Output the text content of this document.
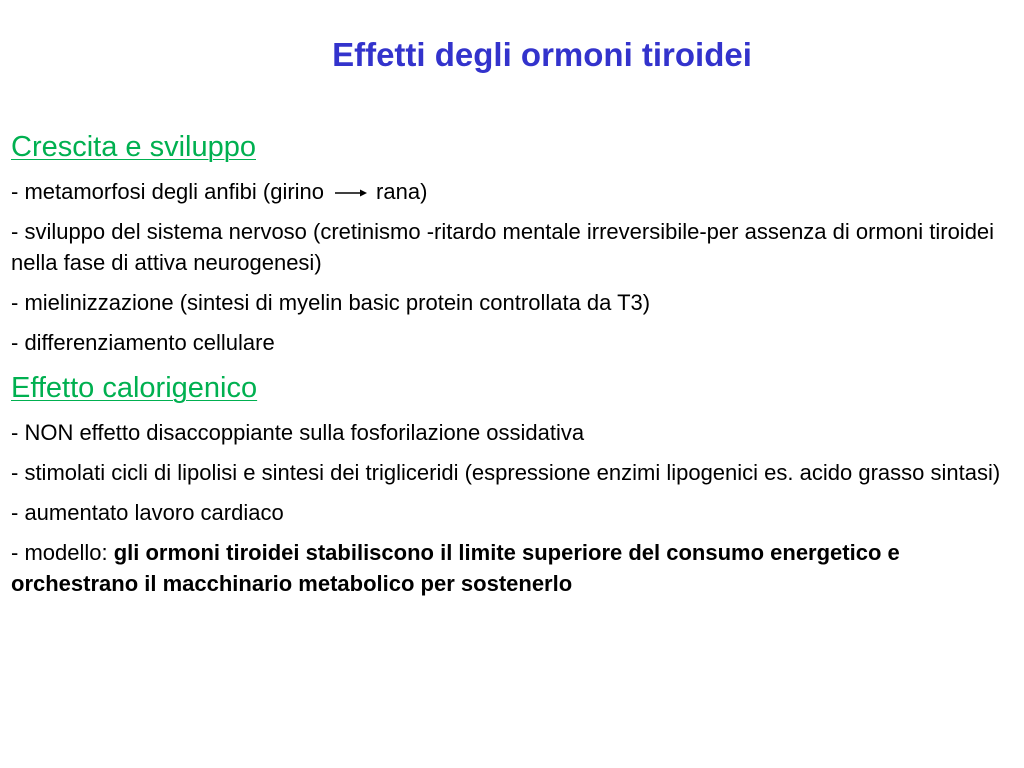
Effetti degli ormoni tiroidei
Crescita e sviluppo
- metamorfosi degli anfibi (girino rana)
- sviluppo del sistema nervoso (cretinismo -ritardo mentale irreversibile-per assenza di ormoni tiroidei nella fase di attiva neurogenesi)
- mielinizzazione (sintesi di myelin basic protein controllata da T3)
- differenziamento cellulare
Effetto calorigenico
- NON effetto disaccoppiante sulla fosforilazione ossidativa
- stimolati cicli di lipolisi e sintesi dei trigliceridi (espressione enzimi lipogenici es. acido grasso sintasi)
- aumentato lavoro cardiaco
- modello: gli ormoni tiroidei stabiliscono il limite superiore del consumo energetico e orchestrano il macchinario metabolico per sostenerlo
